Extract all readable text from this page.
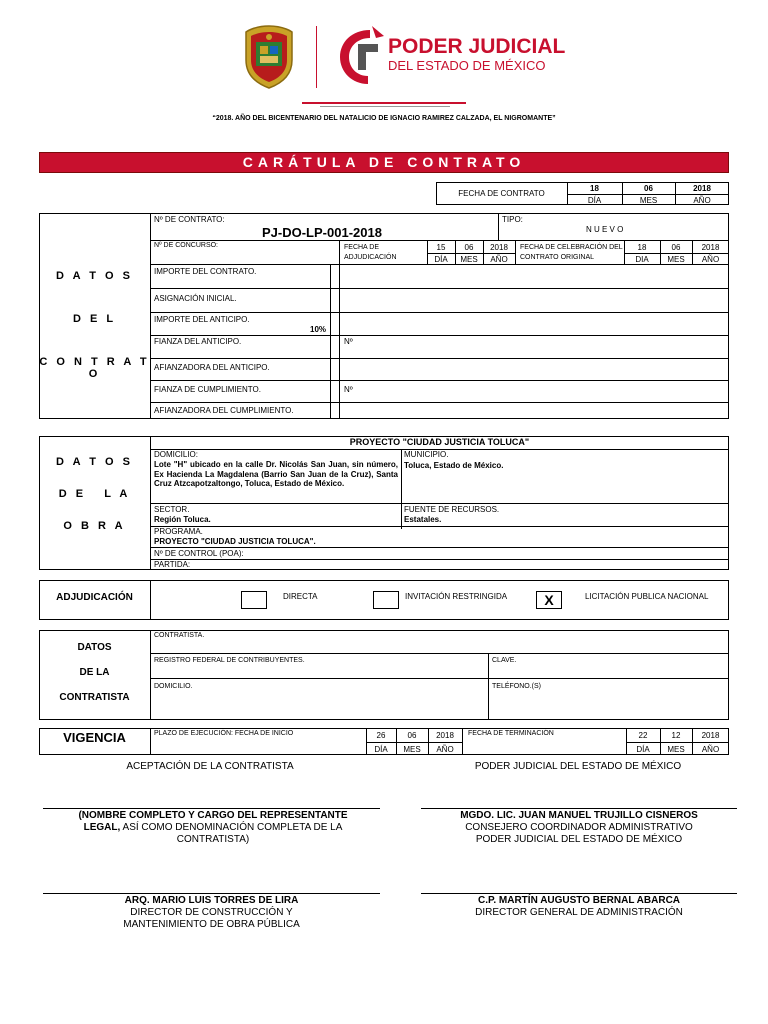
PODER JUDICIAL
DEL ESTADO DE MÉXICO
“2018. AÑO DEL BICENTENARIO DEL NATALICIO DE IGNACIO RAMIREZ CALZADA, EL NIGROMANTE”
CARÁTULA DE CONTRATO
FECHA DE CONTRATO
18	06	2018
DÍA	MES	AÑO
D A T O S
D E L
C O N T R A T O
Nº DE CONTRATO:
PJ-DO-LP-001-2018
TIPO:
N U E V O
Nº DE CONCURSO:	FECHA DE ADJUDICACIÓN
15	06	2018
DÍA	MES	AÑO
FECHA DE CELEBRACIÓN DEL CONTRATO ORIGINAL
18	06	2018
DIA	MES	AÑO
IMPORTE DEL CONTRATO.
ASIGNACIÓN INICIAL.
IMPORTE DEL ANTICIPO.
10%
FIANZA DEL ANTICIPO.	Nº
AFIANZADORA DEL ANTICIPO.
FIANZA DE CUMPLIMIENTO.	Nº
AFIANZADORA DEL CUMPLIMIENTO.
D A T O S
D E   L A
O B R A
PROYECTO "CIUDAD JUSTICIA TOLUCA"
DOMICILIO:
Lote "H" ubicado en la calle Dr. Nicolás San Juan, sin número, Ex Hacienda La Magdalena (Barrio San Juan de la Cruz), Santa Cruz Atzcapotzaltongo, Toluca, Estado de México.
MUNICIPIO.
Toluca, Estado de México.
SECTOR.
Región Toluca.
FUENTE DE RECURSOS.
Estatales.
PROGRAMA.
PROYECTO "CIUDAD JUSTICIA TOLUCA".
Nº DE CONTROL (POA):
PARTIDA:
ADJUDICACIÓN	DIRECTA	INVITACIÓN RESTRINGIDA	X	LICITACIÓN PUBLICA NACIONAL
DATOS
DE LA
CONTRATISTA
CONTRATISTA.
REGISTRO FEDERAL DE CONTRIBUYENTES.	CLAVE.
DOMICILIO.	TELÉFONO.(S)
VIGENCIA	PLAZO DE EJECUCIÓN: FECHA DE INICIO	26	06	2018
DÍA	MES	AÑO
FECHA DE TERMINACIÓN	22	12	2018
DÍA	MES	AÑO
ACEPTACIÓN DE LA CONTRATISTA	PODER JUDICIAL DEL ESTADO DE MÉXICO
(NOMBRE COMPLETO Y CARGO DEL REPRESENTANTE LEGAL, ASÍ COMO DENOMINACIÓN COMPLETA DE LA CONTRATISTA)
MGDO. LIC. JUAN MANUEL TRUJILLO CISNEROS
CONSEJERO COORDINADOR ADMINISTRATIVO
PODER JUDICIAL DEL ESTADO DE MÉXICO
ARQ. MARIO LUIS TORRES DE LIRA
DIRECTOR DE CONSTRUCCIÓN Y
MANTENIMIENTO DE OBRA PÚBLICA
C.P. MARTÍN AUGUSTO BERNAL ABARCA
DIRECTOR GENERAL DE ADMINISTRACIÓN
